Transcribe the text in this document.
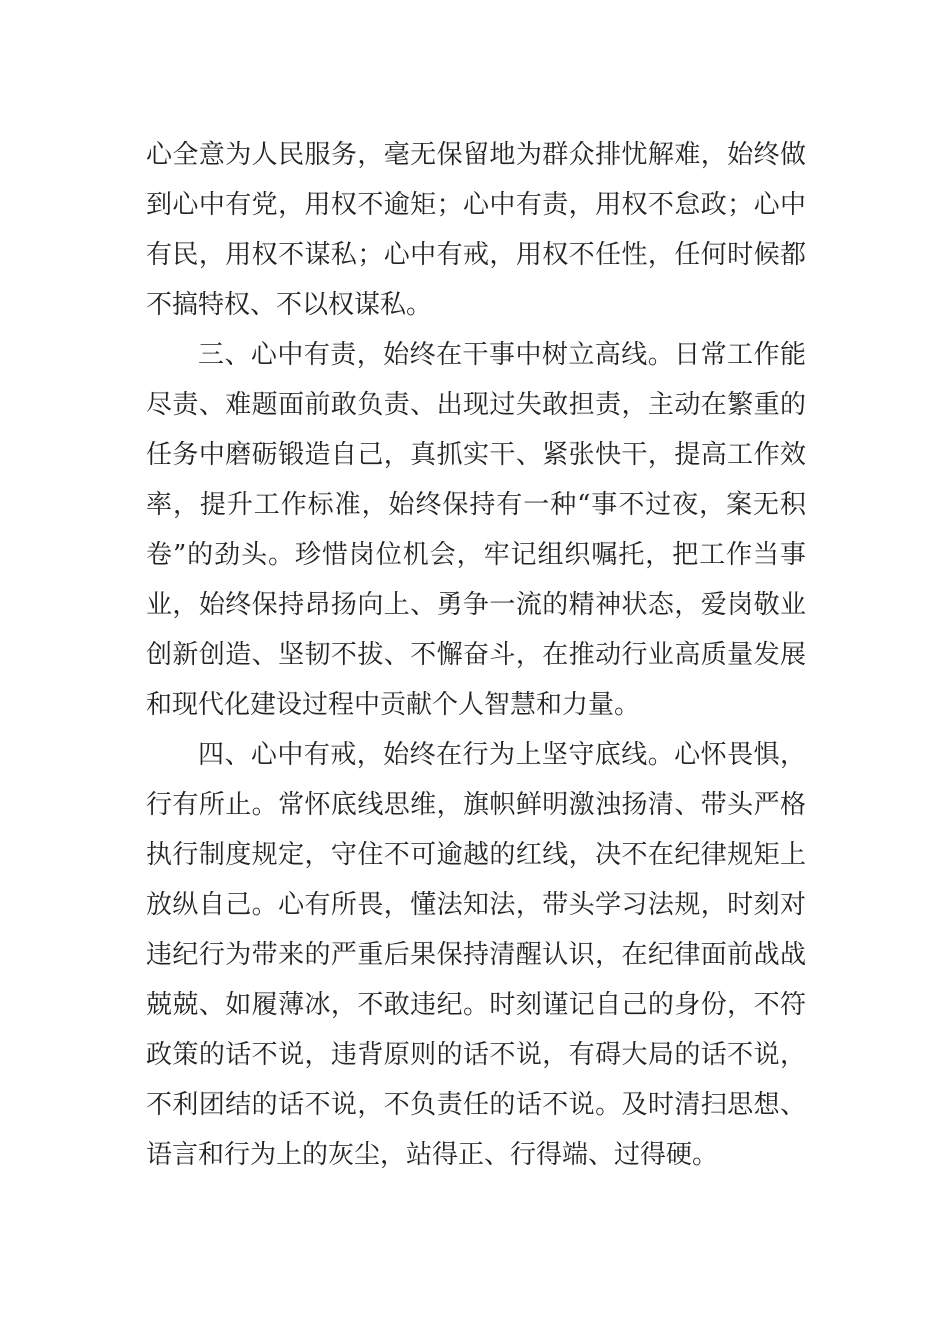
心全意为人民服务，毫无保留地为群众排忧解难，始终做
到心中有党，用权不逾矩；心中有责，用权不怠政；心中
有民，用权不谋私；心中有戒，用权不任性，任何时候都
不搞特权、不以权谋私。
三、心中有责，始终在干事中树立高线。日常工作能
尽责、难题面前敢负责、出现过失敢担责，主动在繁重的
任务中磨砺锻造自己，真抓实干、紧张快干，提高工作效
率，提升工作标准，始终保持有一种“事不过夜，案无积
卷”的劲头。珍惜岗位机会，牢记组织嘱托，把工作当事
业，始终保持昂扬向上、勇争一流的精神状态，爱岗敬业
创新创造、坚韧不拔、不懈奋斗，在推动行业高质量发展
和现代化建设过程中贡献个人智慧和力量。
四、心中有戒，始终在行为上坚守底线。心怀畏惧，
行有所止。常怀底线思维，旗帜鲜明激浊扬清、带头严格
执行制度规定，守住不可逾越的红线，决不在纪律规矩上
放纵自己。心有所畏，懂法知法，带头学习法规，时刻对
违纪行为带来的严重后果保持清醒认识，在纪律面前战战
兢兢、如履薄冰，不敢违纪。时刻谨记自己的身份，不符
政策的话不说，违背原则的话不说，有碍大局的话不说，
不利团结的话不说，不负责任的话不说。及时清扫思想、
语言和行为上的灰尘，站得正、行得端、过得硬。
